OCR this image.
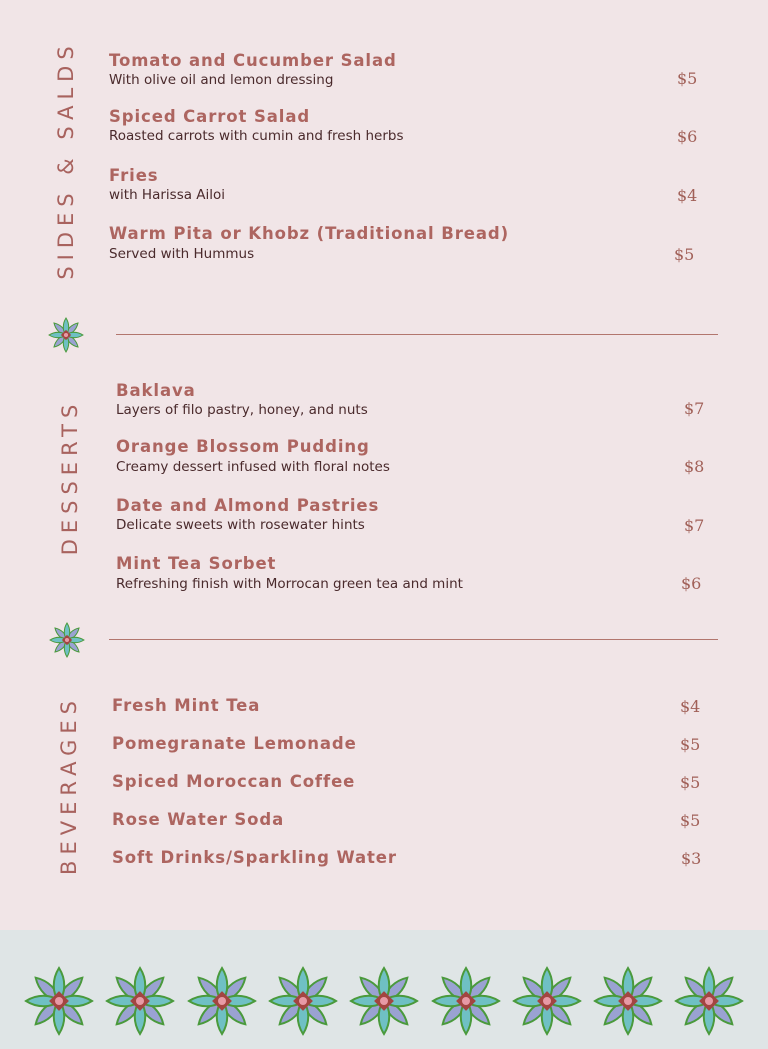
SIDES & SALDS Tomato and Cucumber Salad
With olive oil and lemon dressing	$5
Spiced Carrot Salad
Roasted carrots with cumin and fresh herbs	$6
Fries
with Harissa Ailoi	$4
Warm Pita or Khobz (Traditional Bread)
Served with Hummus	$5
DESSERTS
Baklava
Layers of filo pastry, honey, and nuts	$7
Orange Blossom Pudding
Creamy dessert infused with floral notes	$8
Date and Almond Pastries
Delicate sweets with rosewater hints	$7
Mint Tea Sorbet
Refreshing finish with Morrocan green tea and mint	$6
BEVERAGES Fresh Mint Tea	$4
Pomegranate Lemonade	$5
Spiced Moroccan Coffee	$5
Rose Water Soda	$5
Soft Drinks/Sparkling Water	$3
